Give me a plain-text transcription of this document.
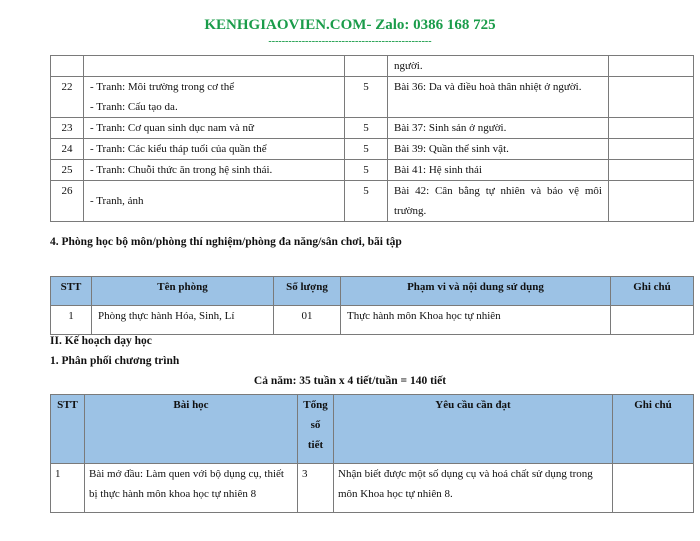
KENHGIAOVIEN.COM- Zalo: 0386 168 725
-------------------------------------------------
			người.	
22	- Tranh: Môi trường trong cơ thể
- Tranh: Cấu tạo da.	5	Bài 36: Da và điều hoà thân nhiệt ở người.	
23	- Tranh: Cơ quan sinh dục nam và nữ	5	Bài 37: Sinh sản ở người.	
24	- Tranh: Các kiểu tháp tuổi của quần thể	5	Bài 39: Quần thể sinh vật.	
25	- Tranh: Chuỗi thức ăn trong hệ sinh thái.	5	Bài 41: Hệ sinh thái	
26	- Tranh, ảnh	5	Bài 42: Cân bằng tự nhiên và bảo vệ môi trường.	
4. Phòng học bộ môn/phòng thí nghiệm/phòng đa năng/sân chơi, bãi tập
STT	Tên phòng	Số lượng	Phạm vi và nội dung sử dụng	Ghi chú
1	Phòng thực hành Hóa, Sinh, Lí	01	Thực hành môn Khoa học tự nhiên	
II. Kế hoạch dạy học
1. Phân phối chương trình
Cả năm: 35 tuần x 4 tiết/tuần = 140 tiết
STT	Bài học	Tổng
số
tiết	Yêu cầu cần đạt	Ghi chú
1	Bài mở đầu: Làm quen với bộ dụng cụ, thiết bị thực hành môn khoa học tự nhiên 8	3	Nhận biết được một số dụng cụ và hoá chất sử dụng trong môn Khoa học tự nhiên 8.	
